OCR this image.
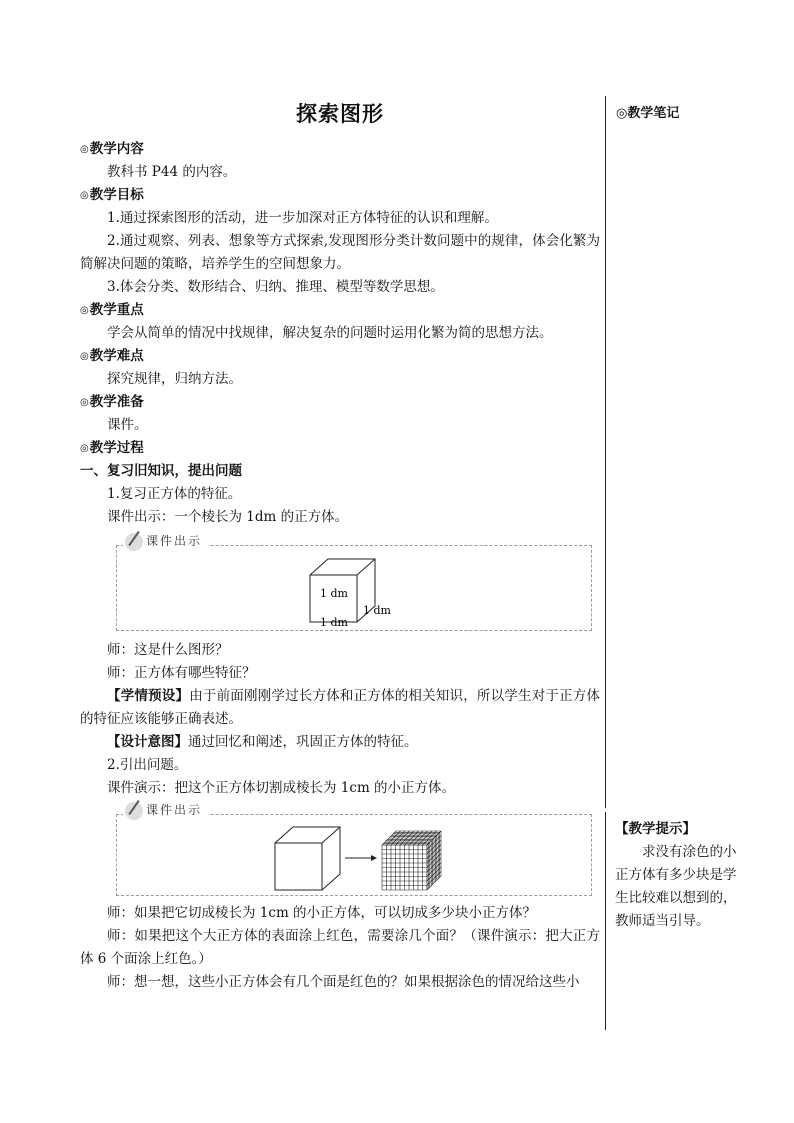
◎教学笔记
【教学提示】
求没有涂色的小正方体有多少块是学生比较难以想到的，教师适当引导。
探索图形
◎教学内容

教科书 P44 的内容。

◎教学目标

1.通过探索图形的活动，进一步加深对正方体特征的认识和理解。

2.通过观察、列表、想象等方式探索,发现图形分类计数问题中的规律，体会化繁为简解决问题的策略，培养学生的空间想象力。

3.体会分类、数形结合、归纳、推理、模型等数学思想。

◎教学重点

学会从简单的情况中找规律，解决复杂的问题时运用化繁为简的思想方法。

◎教学难点

探究规律，归纳方法。

◎教学准备

课件。

◎教学过程
一、复习旧知识，提出问题

1.复习正方体的特征。

课件出示：一个棱长为 1dm 的正方体。

课件出示
1 dm
1 dm
1 dm

师：这是什么图形？

师：正方体有哪些特征？

【学情预设】由于前面刚刚学过长方体和正方体的相关知识，所以学生对于正方体的特征应该能够正确表述。

【设计意图】通过回忆和阐述，巩固正方体的特征。

2.引出问题。

课件演示：把这个正方体切割成棱长为 1cm 的小正方体。

课件出示

师：如果把它切成棱长为 1cm 的小正方体，可以切成多少块小正方体？

师：如果把这个大正方体的表面涂上红色，需要涂几个面？（课件演示：把大正方体 6 个面涂上红色。）

师：想一想，这些小正方体会有几个面是红色的？如果根据涂色的情况给这些小
